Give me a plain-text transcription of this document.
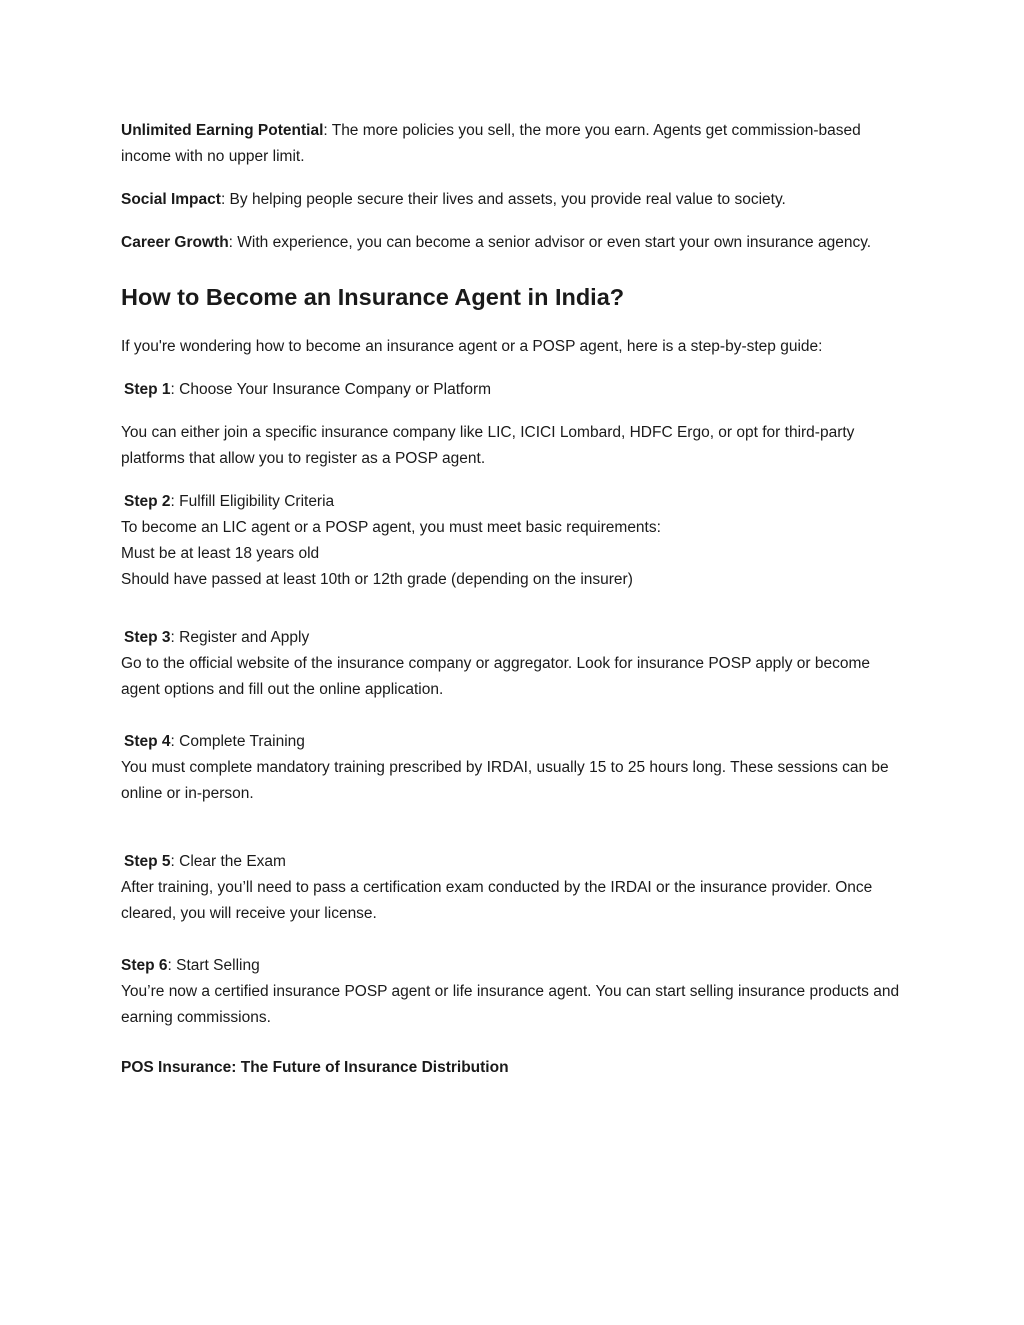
Unlimited Earning Potential: The more policies you sell, the more you earn. Agents get commission-based income with no upper limit.

Social Impact: By helping people secure their lives and assets, you provide real value to society.

Career Growth: With experience, you can become a senior advisor or even start your own insurance agency.

How to Become an Insurance Agent in India?

If you're wondering how to become an insurance agent or a POSP agent, here is a step-by-step guide:

Step 1: Choose Your Insurance Company or Platform

You can either join a specific insurance company like LIC, ICICI Lombard, HDFC Ergo, or opt for third-party platforms that allow you to register as a POSP agent.

Step 2: Fulfill Eligibility Criteria
To become an LIC agent or a POSP agent, you must meet basic requirements:
Must be at least 18 years old
Should have passed at least 10th or 12th grade (depending on the insurer)
Step 3: Register and Apply
Go to the official website of the insurance company or aggregator. Look for insurance POSP apply or become agent options and fill out the online application.
Step 4: Complete Training
You must complete mandatory training prescribed by IRDAI, usually 15 to 25 hours long. These sessions can be online or in-person.
Step 5: Clear the Exam
After training, you’ll need to pass a certification exam conducted by the IRDAI or the insurance provider. Once cleared, you will receive your license.
Step 6: Start Selling
You’re now a certified insurance POSP agent or life insurance agent. You can start selling insurance products and earning commissions.

POS Insurance: The Future of Insurance Distribution
